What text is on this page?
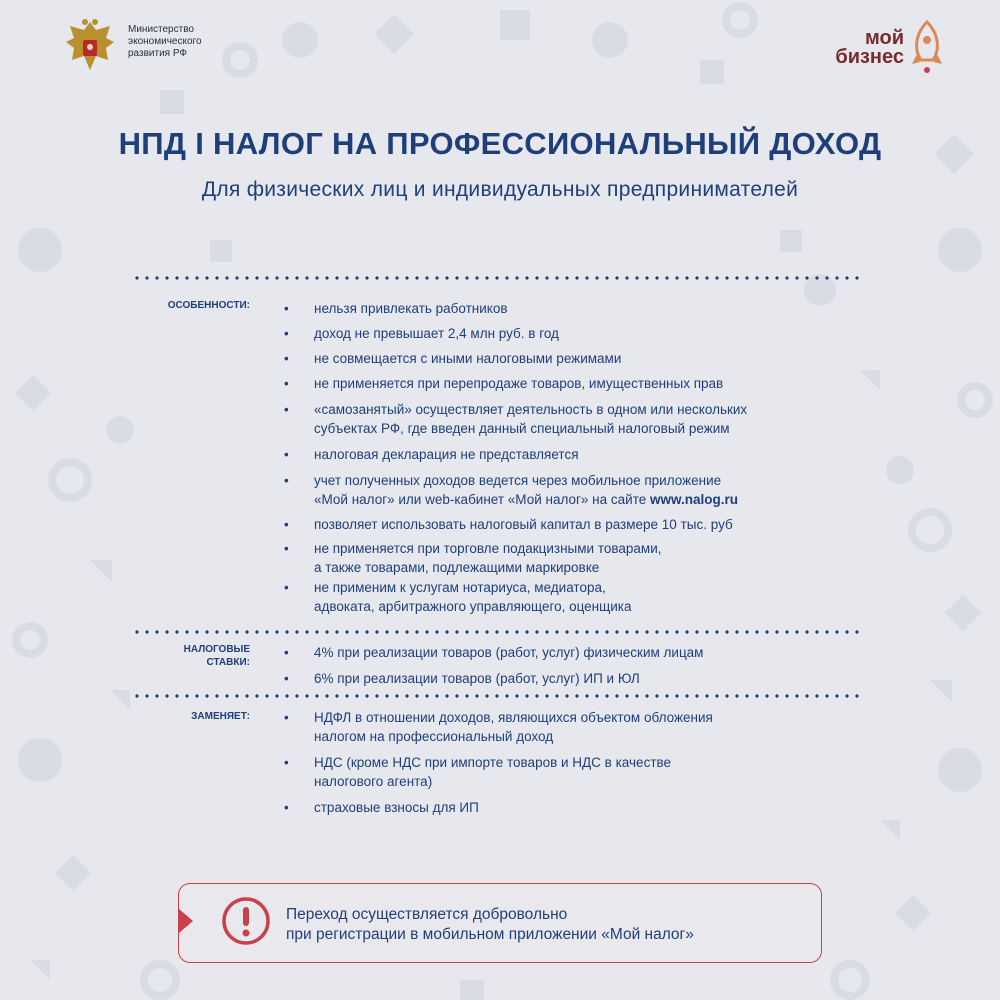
Министерство
экономического
развития РФ
мой
бизнес
НПД I НАЛОГ НА ПРОФЕССИОНАЛЬНЫЙ ДОХОД
Для физических лиц и индивидуальных предпринимателей
ОСОБЕННОСТИ:	• нельзя привлекать работников
• доход не превышает 2,4 млн руб. в год
• не совмещается с иными налоговыми режимами
• не применяется при перепродаже товаров, имущественных прав
• «самозанятый» осуществляет деятельность в одном или нескольких
субъектах РФ, где введен данный специальный налоговый режим
• налоговая декларация не представляется
• учет полученных доходов ведется через мобильное приложение
«Мой налог» или web-кабинет «Мой налог» на сайте www.nalog.ru
• позволяет использовать налоговый капитал в размере 10 тыс. руб
• не применяется при торговле подакцизными товарами,
а также товарами, подлежащими маркировке
• не применим к услугам нотариуса, медиатора,
адвоката, арбитражного управляющего, оценщика
НАЛОГОВЫЕ
СТАВКИ:
• 4% при реализации товаров (работ, услуг) физическим лицам
• 6% при реализации товаров (работ, услуг) ИП и ЮЛ
ЗАМЕНЯЕТ:	• НДФЛ в отношении доходов, являющихся объектом обложения
налогом на профессиональный доход
• НДС (кроме НДС при импорте товаров и НДС в качестве
налогового агента)
• страховые взносы для ИП
Переход осуществляется добровольно
при регистрации в мобильном приложении «Мой налог»
